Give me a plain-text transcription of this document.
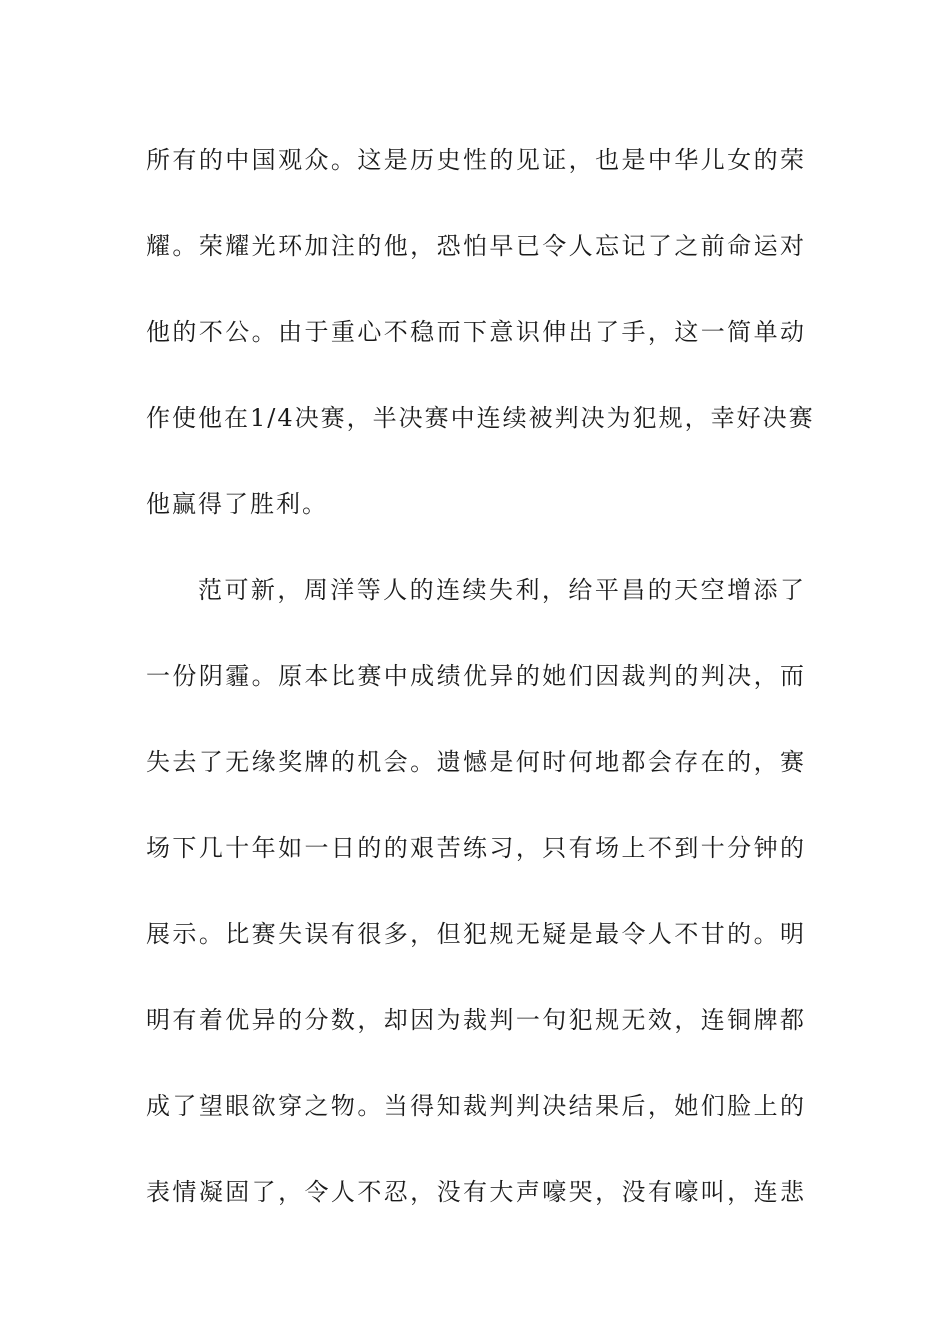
所有的中国观众。这是历史性的见证，也是中华儿女的荣
耀。荣耀光环加注的他，恐怕早已令人忘记了之前命运对
他的不公。由于重心不稳而下意识伸出了手，这一简单动
作使他在1/4决赛，半决赛中连续被判决为犯规，幸好决赛
他赢得了胜利。
范可新，周洋等人的连续失利，给平昌的天空增添了
一份阴霾。原本比赛中成绩优异的她们因裁判的判决，而
失去了无缘奖牌的机会。遗憾是何时何地都会存在的，赛
场下几十年如一日的的艰苦练习，只有场上不到十分钟的
展示。比赛失误有很多，但犯规无疑是最令人不甘的。明
明有着优异的分数，却因为裁判一句犯规无效，连铜牌都
成了望眼欲穿之物。当得知裁判判决结果后，她们脸上的
表情凝固了，令人不忍，没有大声嚎哭，没有嚎叫，连悲
